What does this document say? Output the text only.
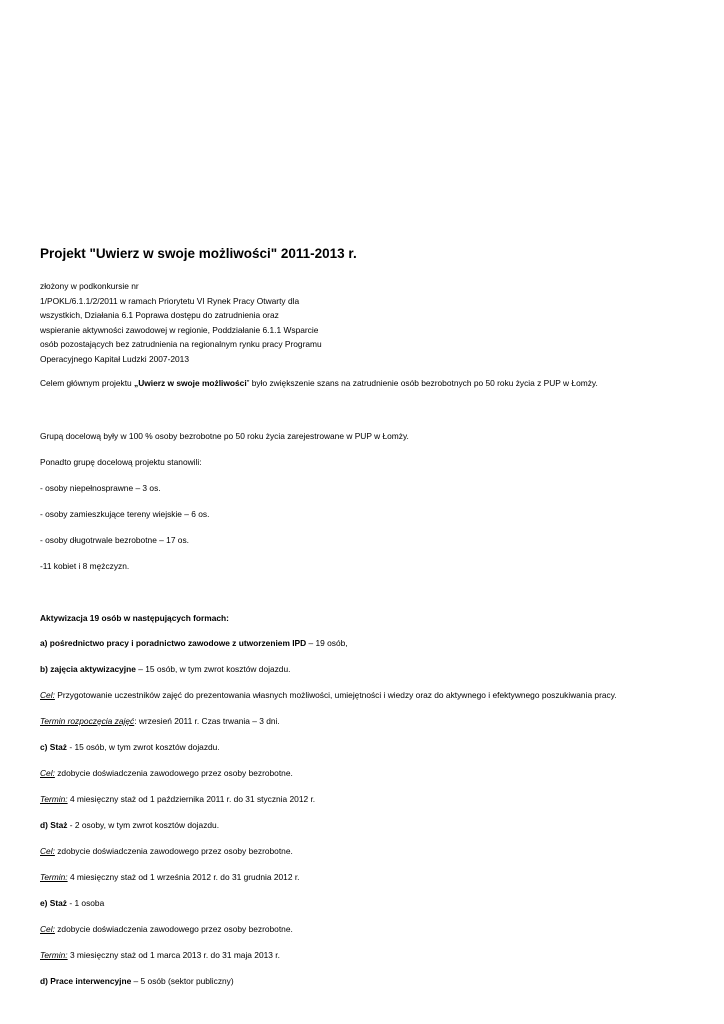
Projekt "Uwierz w swoje możliwości" 2011-2013 r.
złożony w podkonkursie nr
1/POKL/6.1.1/2/2011 w ramach Priorytetu VI Rynek Pracy Otwarty dla
wszystkich, Działania 6.1 Poprawa dostępu do zatrudnienia oraz
wspieranie aktywności zawodowej w regionie, Poddziałanie 6.1.1 Wsparcie
osób pozostających bez zatrudnienia na regionalnym rynku pracy Programu
Operacyjnego Kapitał Ludzki 2007-2013
Celem głównym projektu „Uwierz w swoje możliwości” było zwiększenie szans na zatrudnienie osób bezrobotnych po 50 roku życia z PUP w Łomży.
Grupą docelową były w 100 % osoby bezrobotne po 50 roku życia zarejestrowane w PUP w Łomży.
Ponadto grupę docelową projektu stanowili:
- osoby niepełnosprawne – 3 os.
- osoby zamieszkujące tereny wiejskie – 6 os.
- osoby długotrwale bezrobotne – 17 os.
-11 kobiet i 8 mężczyzn.
Aktywizacja 19 osób w następujących formach:
a) pośrednictwo pracy i poradnictwo zawodowe z utworzeniem IPD – 19 osób,
b) zajęcia aktywizacyjne – 15 osób, w tym zwrot kosztów dojazdu.
Cel: Przygotowanie uczestników zajęć do prezentowania własnych możliwości, umiejętności i wiedzy oraz do aktywnego i efektywnego poszukiwania pracy.
Termin rozpoczęcia zajęć: wrzesień 2011 r. Czas trwania – 3 dni.
c) Staż - 15 osób, w tym zwrot kosztów dojazdu.
Cel: zdobycie doświadczenia zawodowego przez osoby bezrobotne.
Termin: 4 miesięczny staż od 1 października 2011 r. do 31 stycznia 2012 r.
d) Staż - 2 osoby, w tym zwrot kosztów dojazdu.
Cel: zdobycie doświadczenia zawodowego przez osoby bezrobotne.
Termin: 4 miesięczny staż od 1 września 2012 r. do 31 grudnia 2012 r.
e) Staż - 1 osoba
Cel: zdobycie doświadczenia zawodowego przez osoby bezrobotne.
Termin: 3 miesięczny staż od 1 marca 2013 r. do 31 maja 2013 r.
d) Prace interwencyjne – 5 osób (sektor publiczny)
